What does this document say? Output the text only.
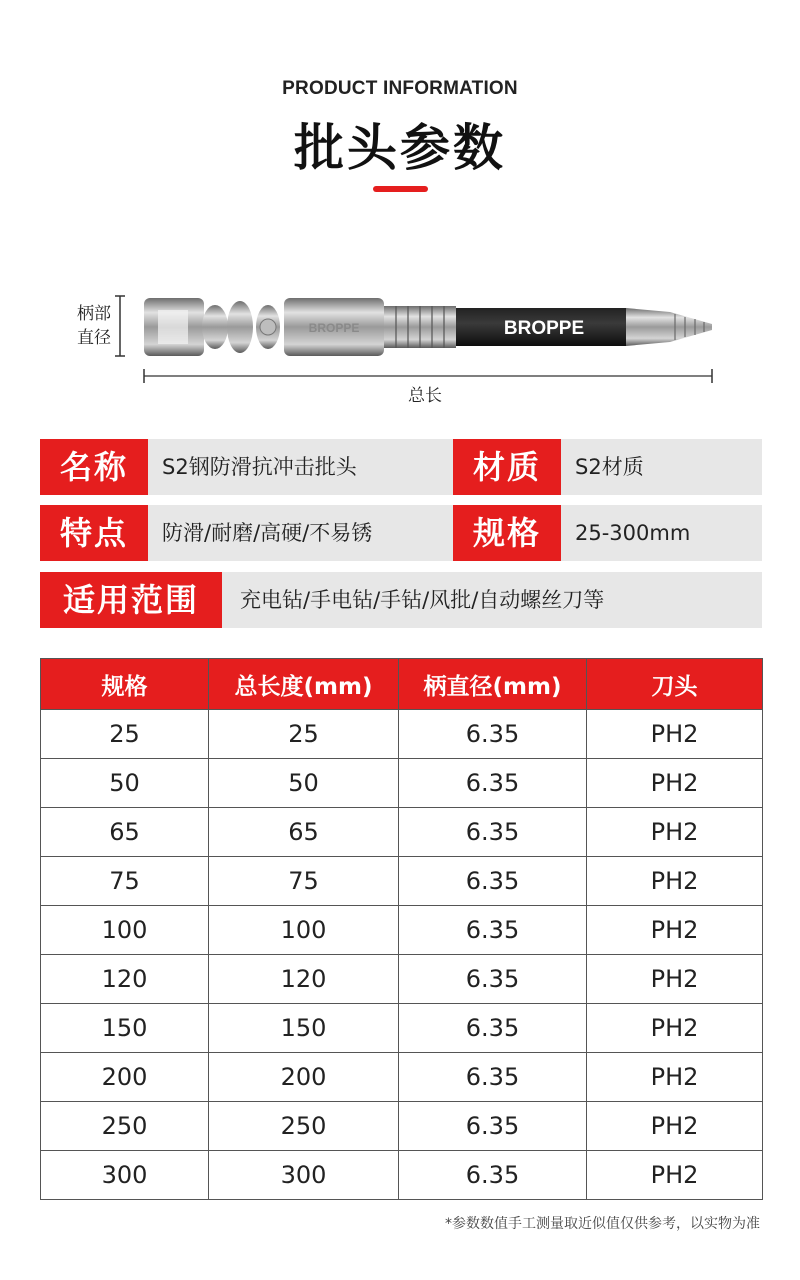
PRODUCT INFORMATION
批头参数
BROPPE	BROPPE
柄部
直径
总长
名称	S2钢防滑抗冲击批头	材质	S2材质
特点	防滑/耐磨/高硬/不易锈	规格	25-300mm
适用范围	充电钻/手电钻/手钻/风批/自动螺丝刀等
规格	总长度(mm)	柄直径(mm)	刀头
25	25	6.35	PH2
50	50	6.35	PH2
65	65	6.35	PH2
75	75	6.35	PH2
100	100	6.35	PH2
120	120	6.35	PH2
150	150	6.35	PH2
200	200	6.35	PH2
250	250	6.35	PH2
300	300	6.35	PH2
*参数数值手工测量取近似值仅供参考，以实物为准
